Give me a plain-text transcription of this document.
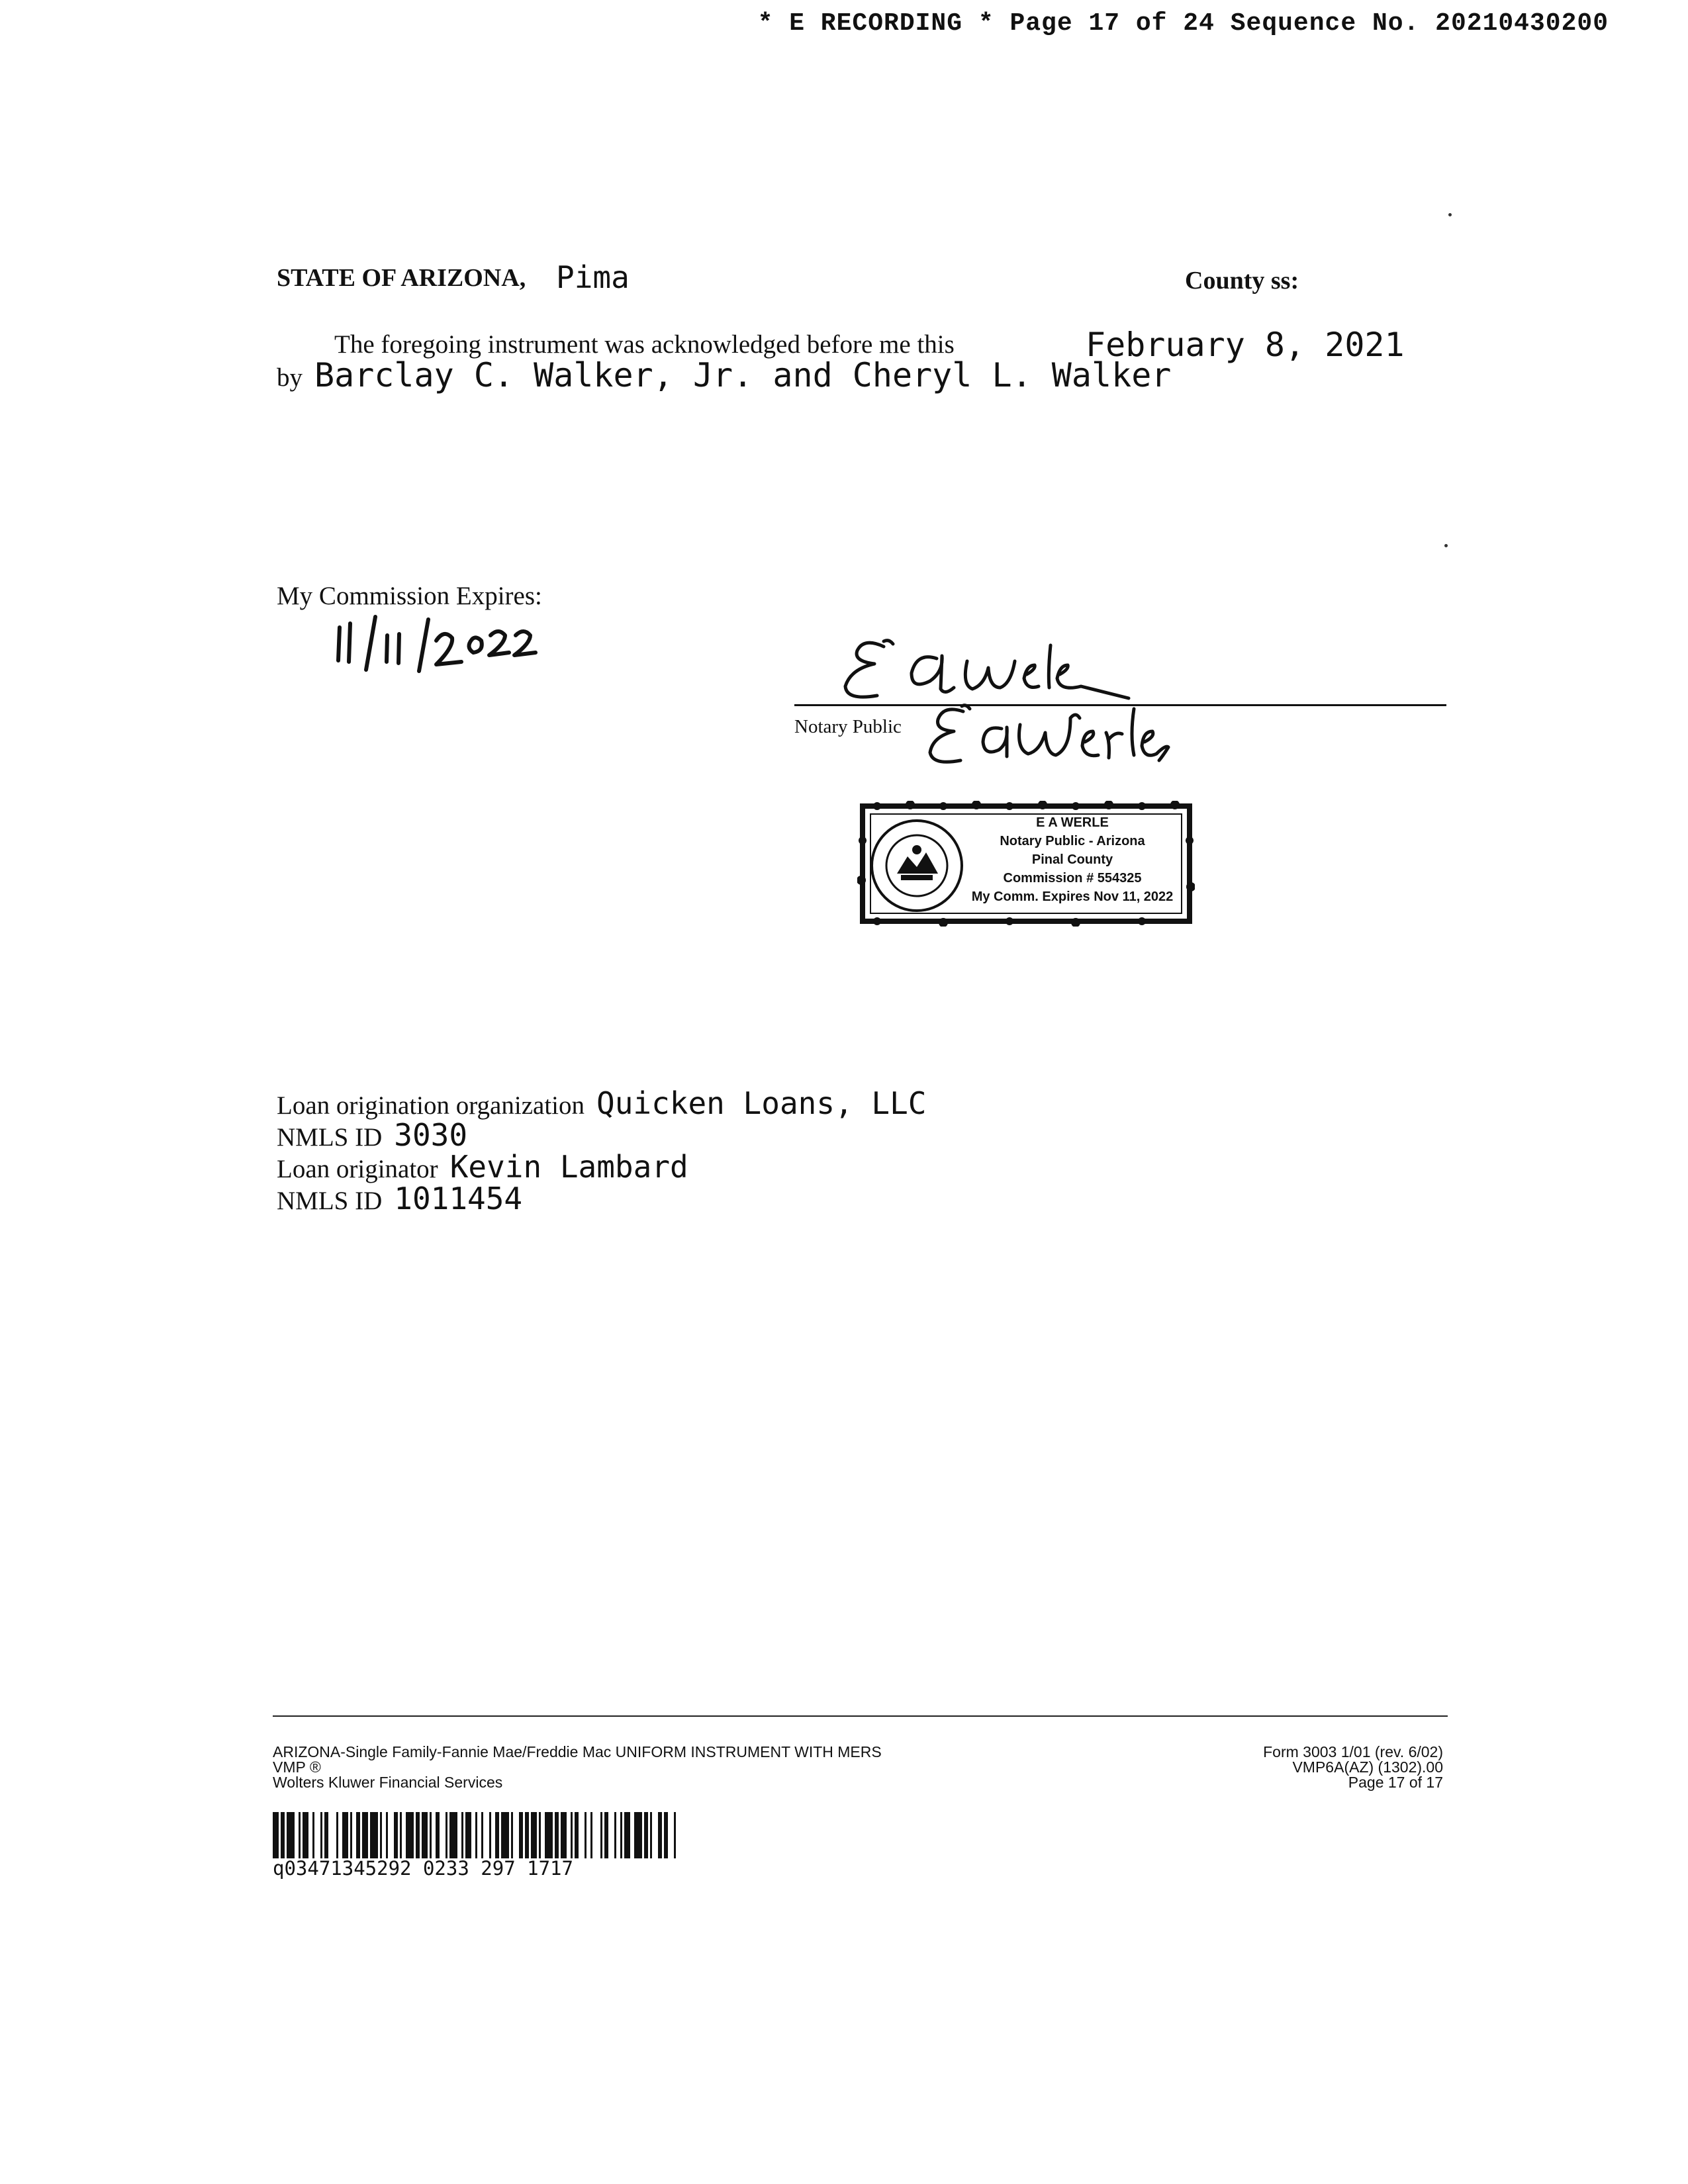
* E RECORDING * Page 17 of 24 Sequence No. 20210430200
STATE OF ARIZONA, Pima	County ss:
The foregoing instrument was acknowledged before me this	February 8, 2021
by Barclay C. Walker, Jr. and Cheryl L. Walker
My Commission Expires:
Notary Public
E A WERLE
Notary Public - Arizona
Pinal County
Commission # 554325
My Comm. Expires Nov 11, 2022
Loan origination organization Quicken Loans, LLC
NMLS ID 3030
Loan originator Kevin Lambard
NMLS ID 1011454
ARIZONA-Single Family-Fannie Mae/Freddie Mac UNIFORM INSTRUMENT WITH MERS
VMP ®
Wolters Kluwer Financial Services
Form 3003 1/01 (rev. 6/02)
VMP6A(AZ) (1302).00
Page 17 of 17
q03471345292 0233 297 1717
